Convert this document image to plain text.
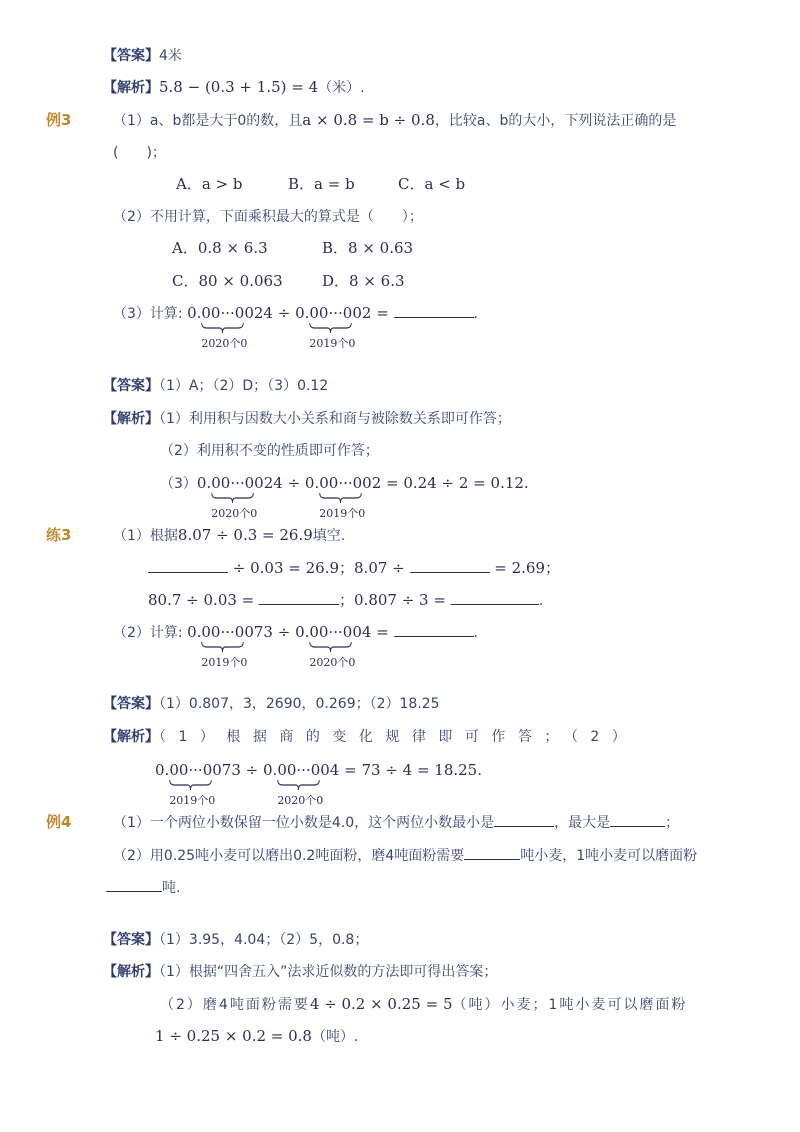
【答案】4米
【解析】5.8 − (0.3 + 1.5) = 4（米）.
例3	（1）a、b都是大于0的数，且a × 0.8 = b ÷ 0.8，比较a、b的大小，下列说法正确的是
(　　)；
A．a > b	B．a = b	C．a < b
（2）不用计算，下面乘积最大的算式是（　　）；
A．0.8 × 6.3	B．8 × 0.63
C．80 × 0.063	D．8 × 6.3
（3）计算: 0.00···0
2020个0
024 ÷ 0.00···0
2019个0
02 =	.
【答案】（1）A；（2）D；（3）0.12
【解析】（1）利用积与因数大小关系和商与被除数关系即可作答；
（2）利用积不变的性质即可作答；
（3）0.00···0
2020个0
024 ÷ 0.00···0
2019个0
02 = 0.24 ÷ 2 = 0.12.
练3	（1）根据8.07 ÷ 0.3 = 26.9填空.
÷ 0.03 = 26.9；8.07 ÷	= 2.69；
80.7 ÷ 0.03 =	；0.807 ÷ 3 =	.
（2）计算: 0.00···0
2019个0
073 ÷ 0.00···0
2020个0
04 =	.
【答案】（1）0.807，3，2690，0.269；（2）18.25
【解析】（1）根据商的变化规律即可作答；（2）
0.00···0
2019个0
073 ÷ 0.00···0
2020个0
04 = 73 ÷ 4 = 18.25.
例4	（1）一个两位小数保留一位小数是4.0，这个两位小数最小是	，最大是	；
（2）用0.25吨小麦可以磨出0.2吨面粉，磨4吨面粉需要	吨小麦，1吨小麦可以磨面粉
吨.
【答案】（1）3.95，4.04；（2）5，0.8；
【解析】（1）根据“四舍五入”法求近似数的方法即可得出答案；
（2）磨4吨面粉需要4 ÷ 0.2 × 0.25 = 5（吨）小麦；1吨小麦可以磨面粉
1 ÷ 0.25 × 0.2 = 0.8（吨）.
